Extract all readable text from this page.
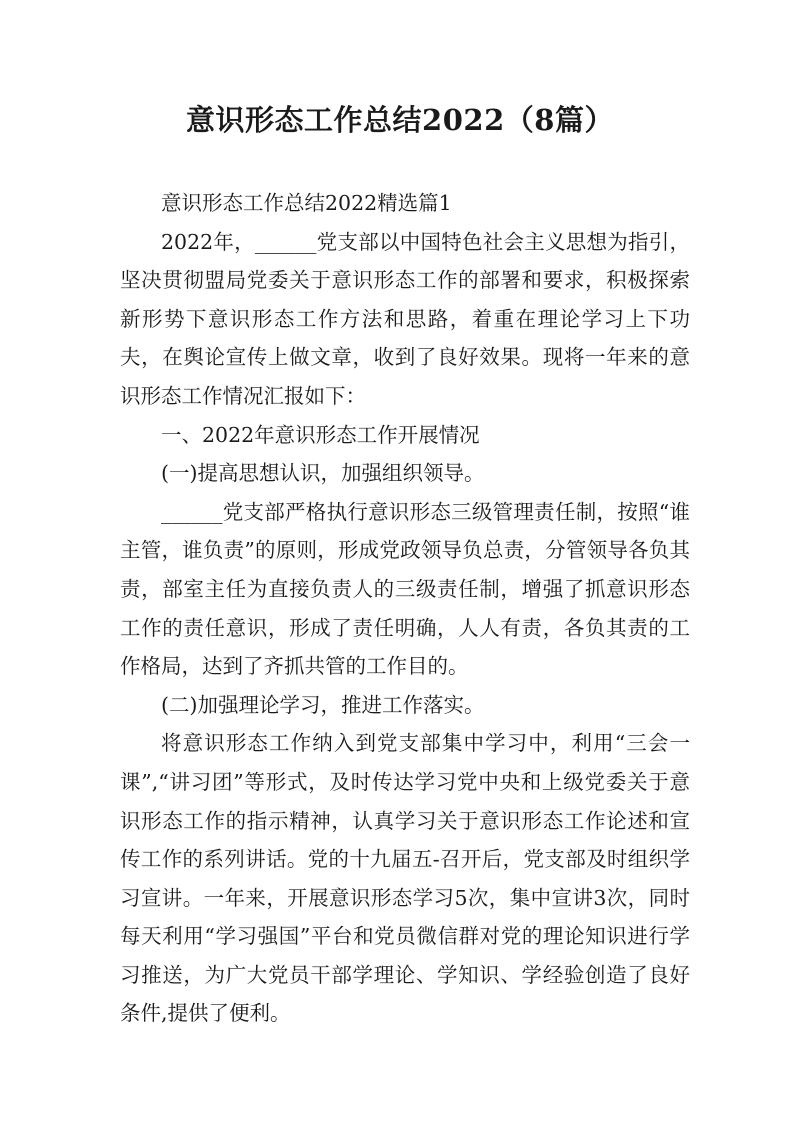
意识形态工作总结2022（8篇）

意识形态工作总结2022精选篇1

2022年，______党支部以中国特色社会主义思想为指引，坚决贯彻盟局党委关于意识形态工作的部署和要求，积极探索新形势下意识形态工作方法和思路，着重在理论学习上下功夫，在舆论宣传上做文章，收到了良好效果。现将一年来的意识形态工作情况汇报如下：

一、2022年意识形态工作开展情况

(一)提高思想认识，加强组织领导。

______党支部严格执行意识形态三级管理责任制，按照“谁主管，谁负责”的原则，形成党政领导负总责，分管领导各负其责，部室主任为直接负责人的三级责任制，增强了抓意识形态工作的责任意识，形成了责任明确，人人有责，各负其责的工作格局，达到了齐抓共管的工作目的。

(二)加强理论学习，推进工作落实。

将意识形态工作纳入到党支部集中学习中，利用“三会一课”,“讲习团”等形式，及时传达学习党中央和上级党委关于意识形态工作的指示精神，认真学习关于意识形态工作论述和宣传工作的系列讲话。党的十九届五-召开后，党支部及时组织学习宣讲。一年来，开展意识形态学习5次，集中宣讲3次，同时每天利用“学习强国”平台和党员微信群对党的理论知识进行学习推送，为广大党员干部学理论、学知识、学经验创造了良好条件,提供了便利。
